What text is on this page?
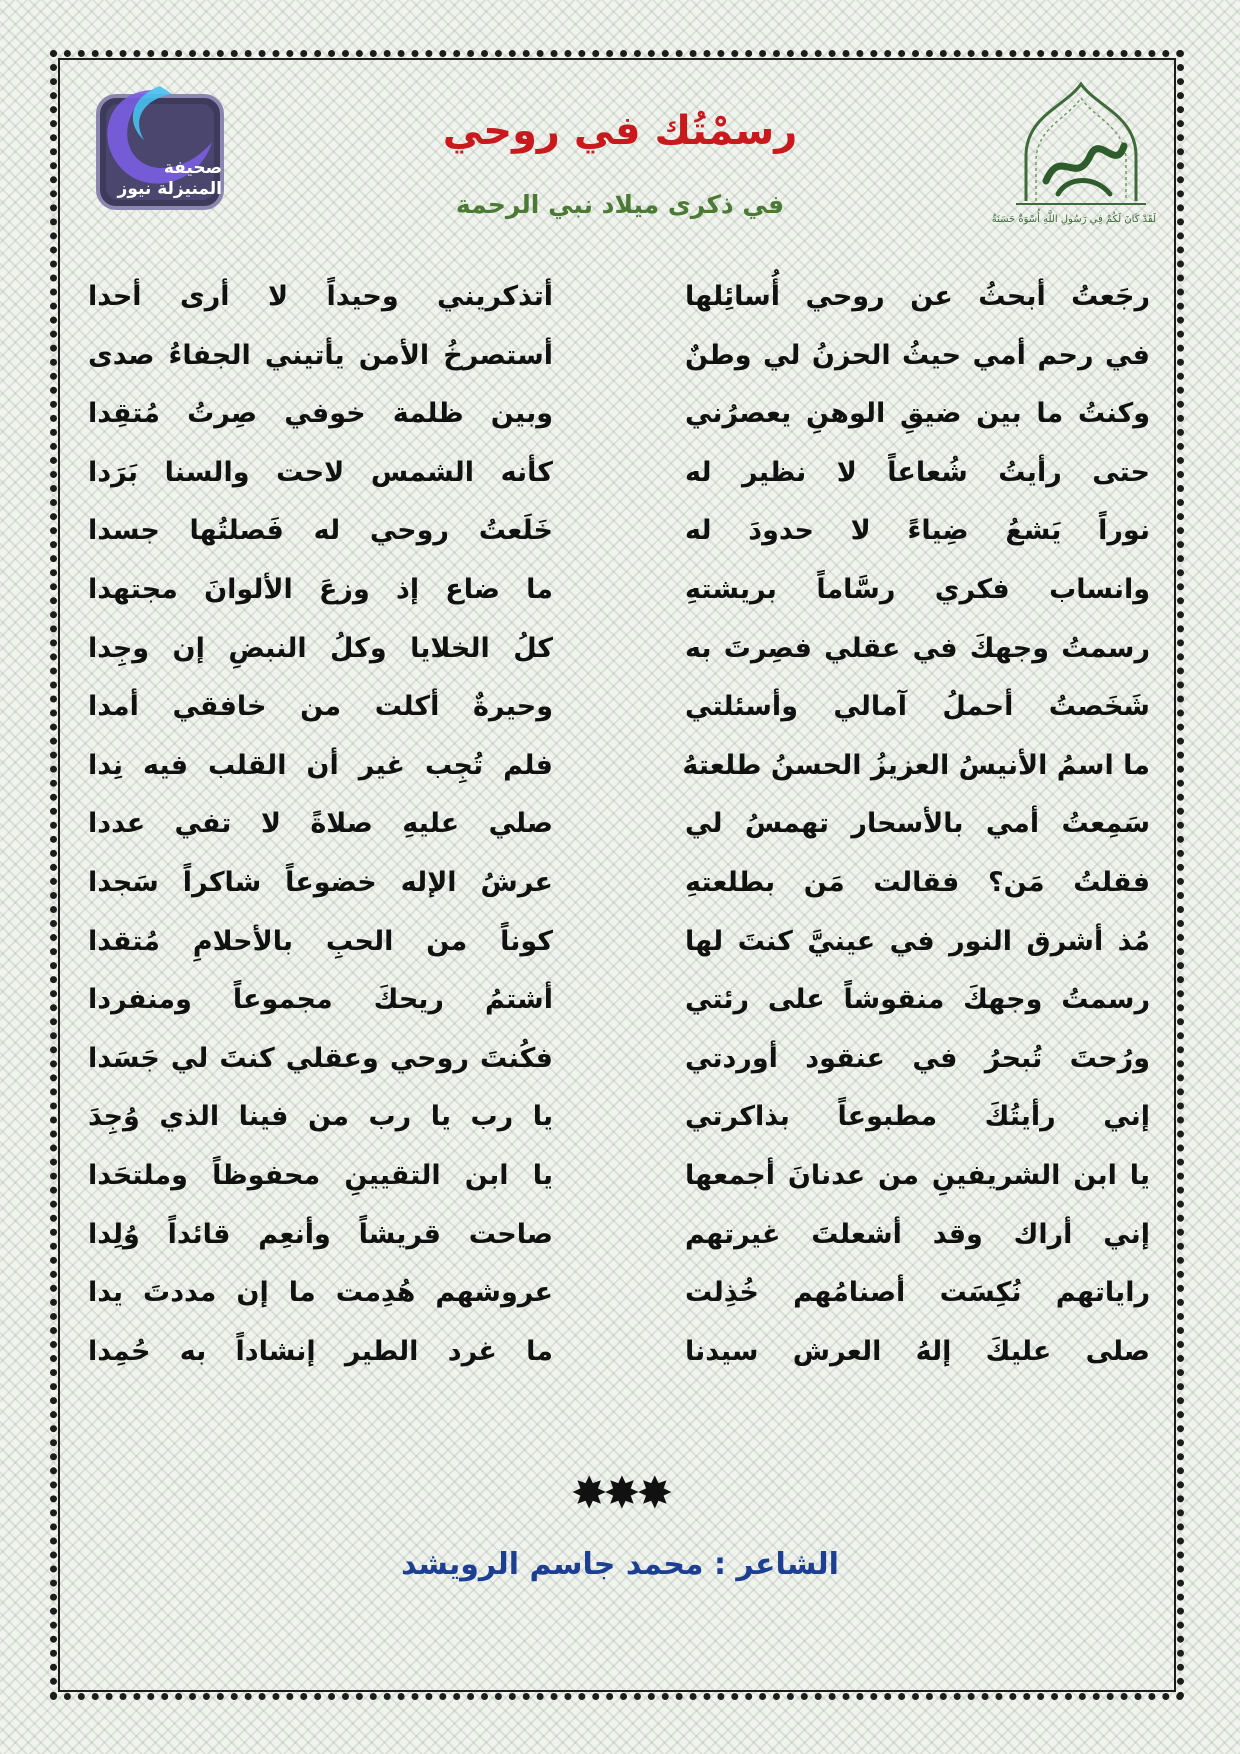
صحيفة المنيزلة نيوز
لَقَدْ كَانَ لَكُمْ فِي رَسُولِ اللَّهِ أُسْوَةٌ حَسَنَةٌ
رسمْتُك في روحي
في ذكرى ميلاد نبي الرحمة
رجَعتُ أبحثُ عن روحي أُسائِلها
في رحم أمي حيثُ الحزنُ لي وطنٌ
وكنتُ ما بين ضيقِ الوهنِ يعصرُني
حتى رأيتُ شُعاعاً لا نظير له
نوراً يَشعُ ضِياءً لا حدودَ له
وانساب فكري رسَّاماً بريشتهِ
رسمتُ وجهكَ في عقلي فصِرتَ به
شَخَصتُ أحملُ آمالي وأسئلتي
ما اسمُ الأنيسُ العزيزُ الحسنُ طلعتهُ
سَمِعتُ أمي بالأسحار تهمسُ لي
فقلتُ مَن؟ فقالت مَن بطلعتهِ
مُذ أشرق النور في عينيَّ كنتَ لها
رسمتُ وجهكَ منقوشاً على رئتي
ورُحتَ تُبحرُ في عنقود أوردتي
إني رأيتُكَ مطبوعاً بذاكرتي
يا ابن الشريفينِ من عدنانَ أجمعها
إني أراك وقد أشعلتَ غيرتهم
راياتهم نُكِسَت أصنامُهم خُذِلت
صلى عليكَ إلهُ العرش سيدنا
أتذكريني وحيداً لا أرى أحدا
أستصرخُ الأمن يأتيني الجفاءُ صدى
وبين ظلمة خوفي صِرتُ مُتقِدا
كأنه الشمس لاحت والسنا بَرَدا
خَلَعتُ روحي له فَصلتُها جسدا
ما ضاع إذ وزعَ الألوانَ مجتهدا
كلُ الخلايا وكلُ النبضِ إن وجِدا
وحيرةٌ أكلت من خافقي أمدا
فلم تُجِب غير أن القلب فيه نِدا
صلي عليهِ صلاةً لا تفي عددا
عرشُ الإله خضوعاً شاكراً سَجدا
كوناً من الحبِ بالأحلامِ مُتقدا
أشتمُ ريحكَ مجموعاً ومنفردا
فكُنتَ روحي وعقلي كنتَ لي جَسَدا
يا رب يا رب من فينا الذي وُجِدَ
يا ابن التقيينِ محفوظاً وملتحَدا
صاحت قريشاً وأنعِم قائداً وُلِدا
عروشهم هُدِمت ما إن مددتَ يدا
ما غرد الطير إنشاداً به حُمِدا
✸✸✸
الشاعر : محمد جاسم الرويشد
